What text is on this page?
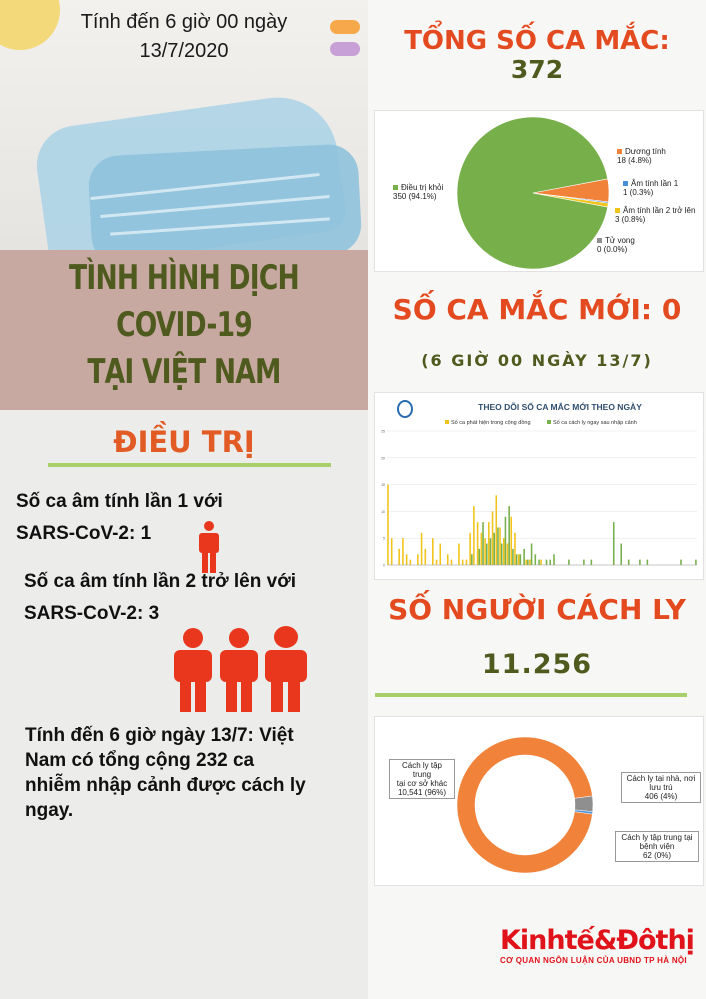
Tính đến 6 giờ 00 ngày
13/7/2020
TÌNH HÌNH DỊCH
COVID-19
TẠI VIỆT NAM
ĐIỀU TRỊ
Số ca âm tính lần 1 với
SARS-CoV-2: 1
Số ca âm tính lần 2 trở lên với
SARS-CoV-2: 3
Tính đến 6 giờ ngày 13/7: Việt
Nam có tổng cộng 232 ca
nhiễm nhập cảnh được cách ly
ngay.
TỔNG SỐ CA MẮC:
372
Điều trị khỏi
350 (94.1%)
Dương tính
18 (4.8%)
Âm tính lần 1
1 (0.3%)
Âm tính lần 2 trở lên
3 (0.8%)
Tử vong
0 (0.0%)
SỐ CA MẮC MỚI: 0
(6 GIỜ 00 NGÀY 13/7)
THEO DÕI SỐ CA MẮC MỚI THEO NGÀY
Số ca phát hiện trong cộng đồng	Số ca cách ly ngay sau nhập cảnh
0
5
10
15
20
25
SỐ NGƯỜI CÁCH LY
11.256
Cách ly tập trung
tại cơ sở khác
10,541 (96%)
Cách ly tại nhà, nơi
lưu trú
406 (4%)
Cách ly tập trung tại
bệnh viện
62 (0%)
Kinhtế&Đôthị
CƠ QUAN NGÔN LUẬN CỦA UBND TP HÀ NỘI
